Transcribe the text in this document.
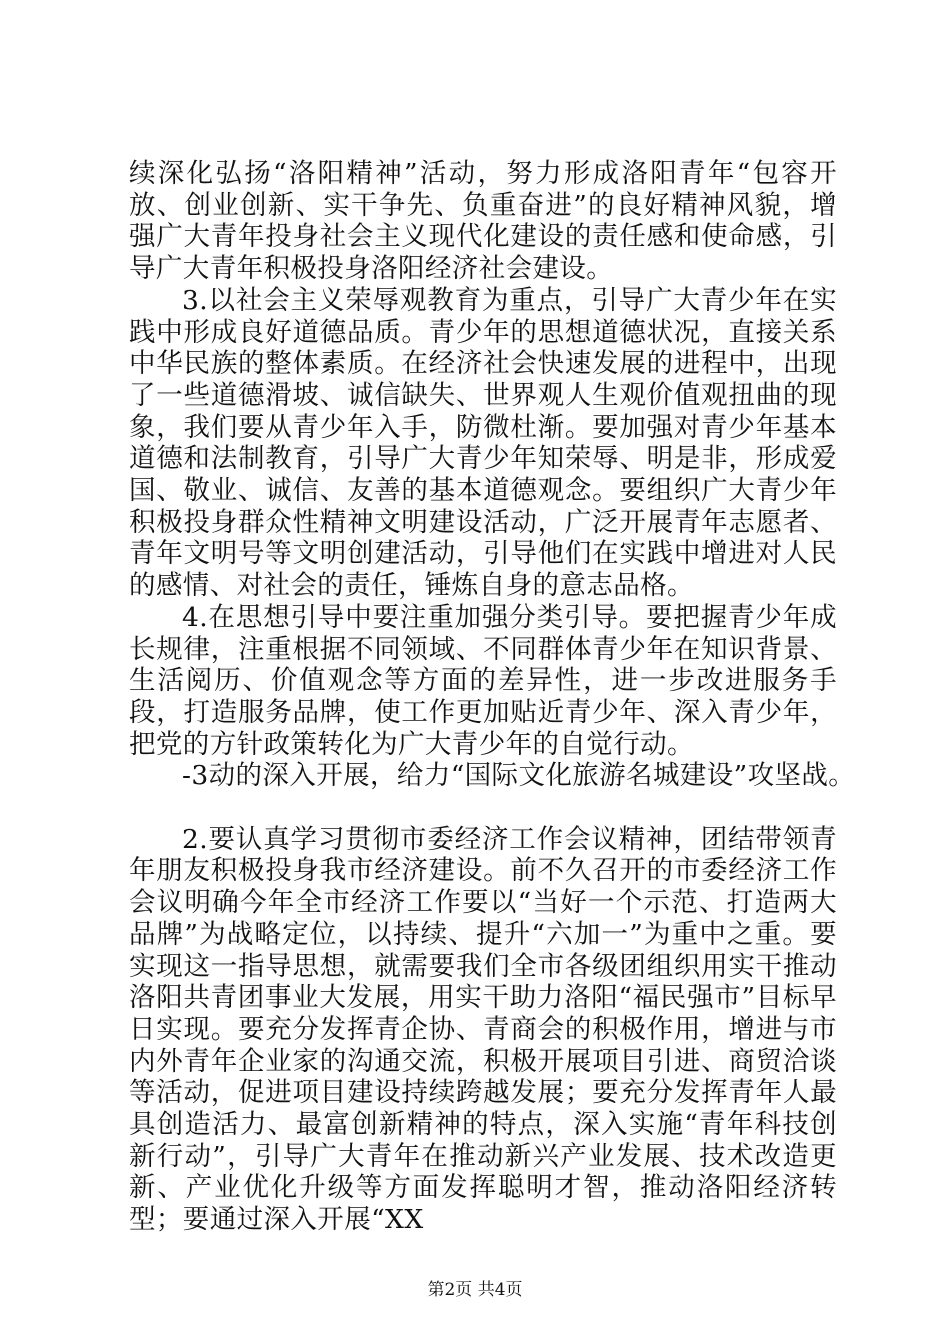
续深化弘扬“洛阳精神”活动，努力形成洛阳青年“包容开放、创业创新、实干争先、负重奋进”的良好精神风貌，增强广大青年投身社会主义现代化建设的责任感和使命感，引导广大青年积极投身洛阳经济社会建设。

3.以社会主义荣辱观教育为重点，引导广大青少年在实践中形成良好道德品质。青少年的思想道德状况，直接关系中华民族的整体素质。在经济社会快速发展的进程中，出现了一些道德滑坡、诚信缺失、世界观人生观价值观扭曲的现象，我们要从青少年入手，防微杜渐。要加强对青少年基本道德和法制教育，引导广大青少年知荣辱、明是非，形成爱国、敬业、诚信、友善的基本道德观念。要组织广大青少年积极投身群众性精神文明建设活动，广泛开展青年志愿者、青年文明号等文明创建活动，引导他们在实践中增进对人民的感情、对社会的责任，锤炼自身的意志品格。

4.在思想引导中要注重加强分类引导。要把握青少年成长规律，注重根据不同领域、不同群体青少年在知识背景、生活阅历、价值观念等方面的差异性，进一步改进服务手段，打造服务品牌，使工作更加贴近青少年、深入青少年，把党的方针政策转化为广大青少年的自觉行动。

-3动的深入开展，给力“国际文化旅游名城建设”攻坚战。

2.要认真学习贯彻市委经济工作会议精神，团结带领青年朋友积极投身我市经济建设。前不久召开的市委经济工作会议明确今年全市经济工作要以“当好一个示范、打造两大品牌”为战略定位，以持续、提升“六加一”为重中之重。要实现这一指导思想，就需要我们全市各级团组织用实干推动洛阳共青团事业大发展，用实干助力洛阳“福民强市”目标早日实现。要充分发挥青企协、青商会的积极作用，增进与市内外青年企业家的沟通交流，积极开展项目引进、商贸洽谈等活动，促进项目建设持续跨越发展；要充分发挥青年人最具创造活力、最富创新精神的特点，深入实施“青年科技创新行动”，引导广大青年在推动新兴产业发展、技术改造更新、产业优化升级等方面发挥聪明才智，推动洛阳经济转型；要通过深入开展“XX

第2页 共4页
